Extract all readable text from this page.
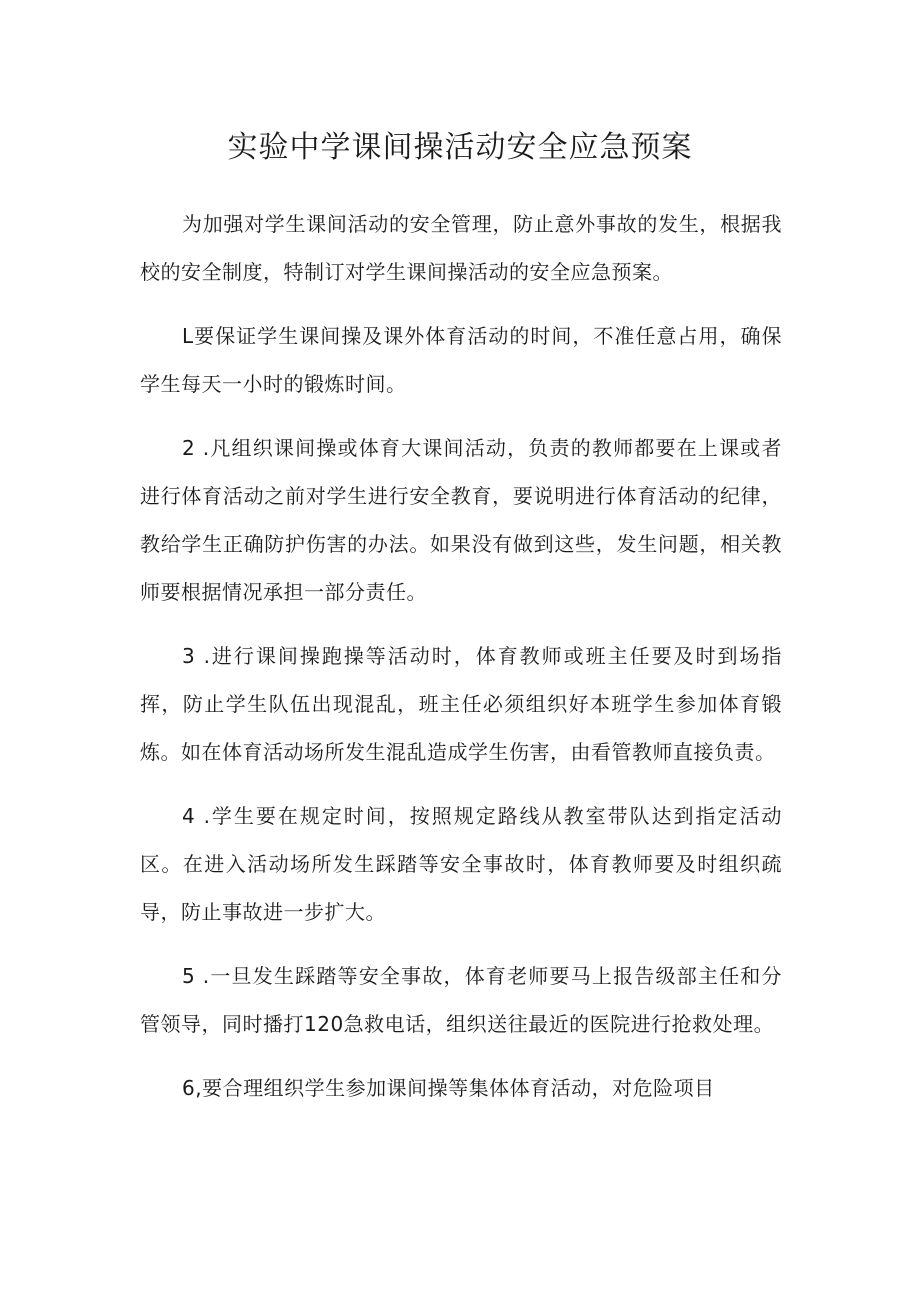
实验中学课间操活动安全应急预案

为加强对学生课间活动的安全管理，防止意外事故的发生，根据我校的安全制度，特制订对学生课间操活动的安全应急预案。

L要保证学生课间操及课外体育活动的时间，不准任意占用，确保学生每天一小时的锻炼时间。

2 .凡组织课间操或体育大课间活动，负责的教师都要在上课或者进行体育活动之前对学生进行安全教育，要说明进行体育活动的纪律，教给学生正确防护伤害的办法。如果没有做到这些，发生问题，相关教师要根据情况承担一部分责任。

3 .进行课间操跑操等活动时，体育教师或班主任要及时到场指挥，防止学生队伍出现混乱，班主任必须组织好本班学生参加体育锻炼。如在体育活动场所发生混乱造成学生伤害，由看管教师直接负责。

4 .学生要在规定时间，按照规定路线从教室带队达到指定活动区。在进入活动场所发生踩踏等安全事故时，体育教师要及时组织疏导，防止事故进一步扩大。

5 .一旦发生踩踏等安全事故，体育老师要马上报告级部主任和分管领导，同时播打120急救电话，组织送往最近的医院进行抢救处理。

6,要合理组织学生参加课间操等集体体育活动，对危险项目
